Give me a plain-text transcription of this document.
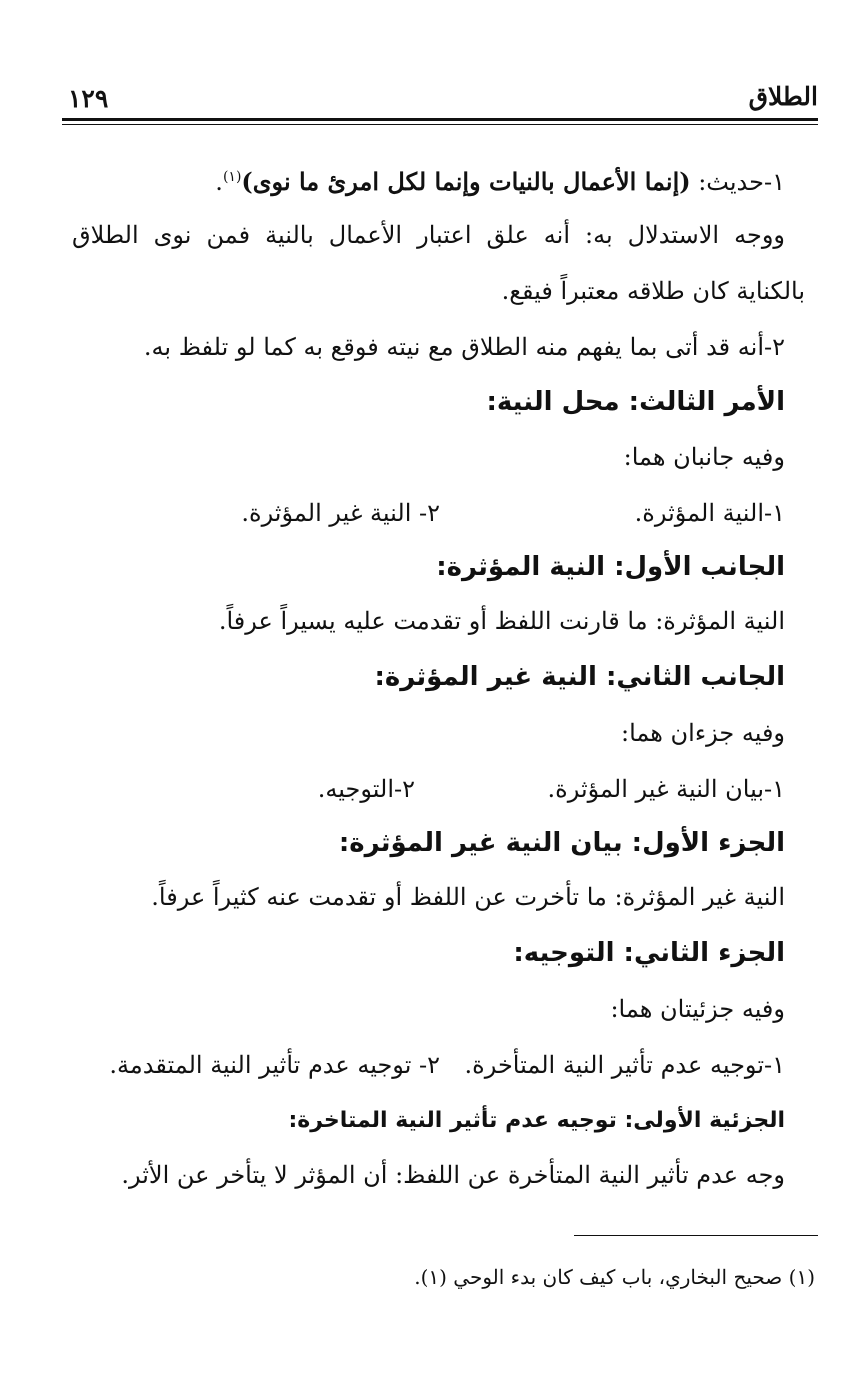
الطلاق
١٢٩
١-حديث: (إنما الأعمال بالنيات وإنما لكل امرئ ما نوى)$^{(١)}$.
ووجه الاستدلال به: أنه علق اعتبار الأعمال بالنية فمن نوى الطلاق
بالكناية كان طلاقه معتبراً فيقع.
٢-أنه قد أتى بما يفهم منه الطلاق مع نيته فوقع به كما لو تلفظ به.
الأمر الثالث: محل النية:
وفيه جانبان هما:
١-النية المؤثرة.
٢- النية غير المؤثرة.
الجانب الأول: النية المؤثرة:
النية المؤثرة: ما قارنت اللفظ أو تقدمت عليه يسيراً عرفاً.
الجانب الثاني: النية غير المؤثرة:
وفيه جزءان هما:
١-بيان النية غير المؤثرة.
٢-التوجيه.
الجزء الأول: بيان النية غير المؤثرة:
النية غير المؤثرة: ما تأخرت عن اللفظ أو تقدمت عنه كثيراً عرفاً.
الجزء الثاني: التوجيه:
وفيه جزئيتان هما:
١-توجيه عدم تأثير النية المتأخرة.
٢- توجيه عدم تأثير النية المتقدمة.
الجزئية الأولى: توجيه عدم تأثير النية المتاخرة:
وجه عدم تأثير النية المتأخرة عن اللفظ: أن المؤثر لا يتأخر عن الأثر.
(١) صحيح البخاري، باب كيف كان بدء الوحي (١).
